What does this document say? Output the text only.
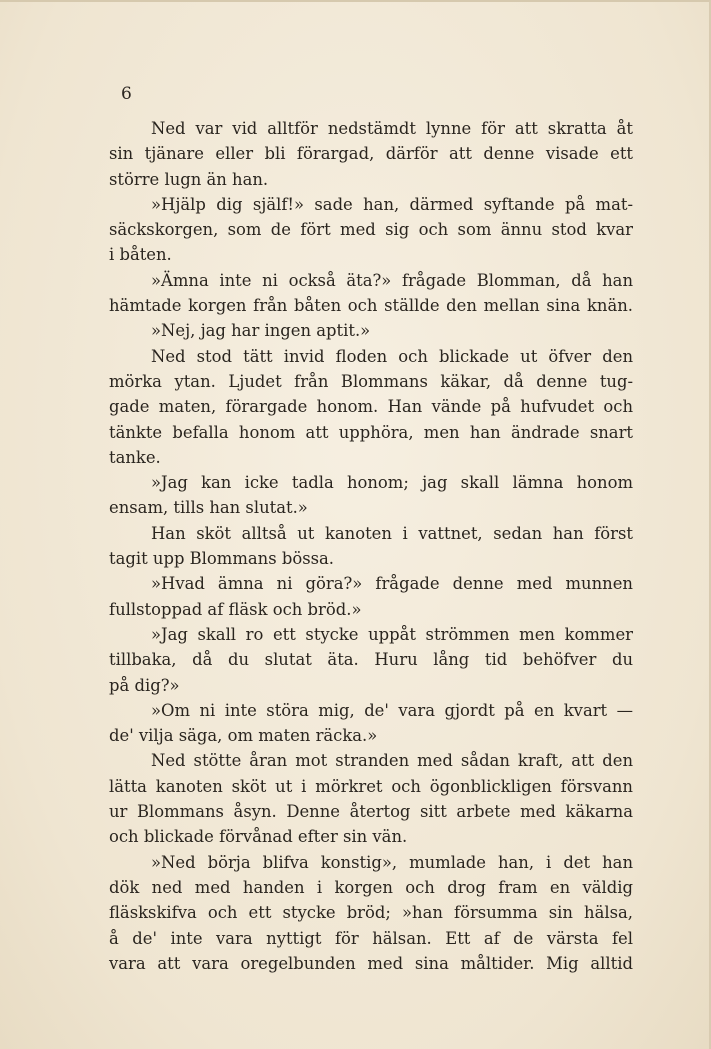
6
Ned var vid alltför nedstämdt lynne för att skratta åt
sin tjänare eller bli förargad, därför att denne visade ett
större lugn än han.
»Hjälp dig själf!» sade han, därmed syftande på mat-
säckskorgen, som de fört med sig och som ännu stod kvar
i båten.
»Ämna inte ni också äta?» frågade Blomman, då han
hämtade korgen från båten och ställde den mellan sina knän.
»Nej, jag har ingen aptit.»
Ned stod tätt invid floden och blickade ut öfver den
mörka ytan. Ljudet från Blommans käkar, då denne tug-
gade maten, förargade honom. Han vände på hufvudet och
tänkte befalla honom att upphöra, men han ändrade snart
tanke.
»Jag kan icke tadla honom; jag skall lämna honom
ensam, tills han slutat.»
Han sköt alltså ut kanoten i vattnet, sedan han först
tagit upp Blommans bössa.
»Hvad ämna ni göra?» frågade denne med munnen
fullstoppad af fläsk och bröd.»
»Jag skall ro ett stycke uppåt strömmen men kommer
tillbaka, då du slutat äta. Huru lång tid behöfver du
på dig?»
»Om ni inte störa mig, de' vara gjordt på en kvart —
de' vilja säga, om maten räcka.»
Ned stötte åran mot stranden med sådan kraft, att den
lätta kanoten sköt ut i mörkret och ögonblickligen försvann
ur Blommans åsyn. Denne återtog sitt arbete med käkarna
och blickade förvånad efter sin vän.
»Ned börja blifva konstig», mumlade han, i det han
dök ned med handen i korgen och drog fram en väldig
fläskskifva och ett stycke bröd; »han försumma sin hälsa,
å de' inte vara nyttigt för hälsan. Ett af de värsta fel
vara att vara oregelbunden med sina måltider. Mig alltid
